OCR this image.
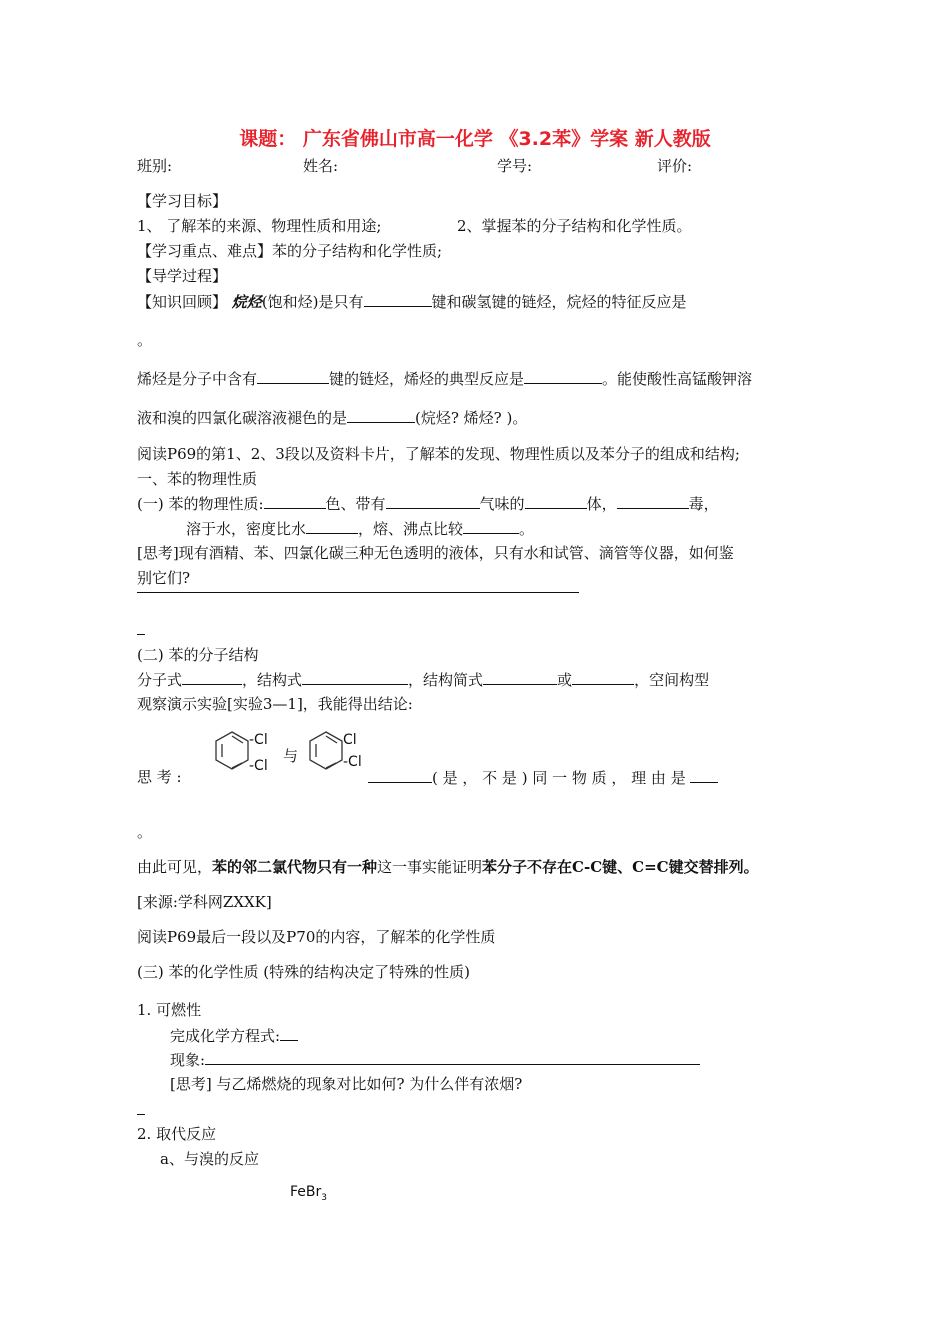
课题： 广东省佛山市高一化学 《3.2苯》学案 新人教版
班别:	姓名:	学号:	评价:
【学习目标】
1、 了解苯的来源、物理性质和用途;	2、掌握苯的分子结构和化学性质。
【学习重点、难点】苯的分子结构和化学性质;
【导学过程】
【知识回顾】 烷烃(饱和烃)是只有	键和碳氢键的链烃，烷烃的特征反应是
。
烯烃是分子中含有	键的链烃，烯烃的典型反应是	。能使酸性高锰酸钾溶
液和溴的四氯化碳溶液褪色的是	(烷烃? 烯烃? )。
阅读P69的第1、2、3段以及资料卡片，了解苯的发现、物理性质以及苯分子的组成和结构;
一、苯的物理性质
(一) 苯的物理性质:	色、带有	气味的	体，	毒，
溶于水，密度比水	，熔、沸点比较	。
[思考]现有酒精、苯、四氯化碳三种无色透明的液体，只有水和试管、滴管等仪器，如何鉴
别它们?
(二) 苯的分子结构
分子式	，结构式	，结构简式	或	，空间构型
观察演示实验[实验3—1]，我能得出结论:
-Cl
-Cl
与
Cl
-Cl
思 考 :	( 是 ， 不 是 ) 同 一 物 质 ， 理 由 是
。
由此可见，苯的邻二氯代物只有一种这一事实能证明苯分子不存在C-C键、C=C键交替排列。
[来源:学科网ZXXK]
阅读P69最后一段以及P70的内容，了解苯的化学性质
(三) 苯的化学性质 (特殊的结构决定了特殊的性质)
1. 可燃性
完成化学方程式:
现象:
[思考] 与乙烯燃烧的现象对比如何? 为什么伴有浓烟?
2. 取代反应
a、与溴的反应
FeBr$_3$
